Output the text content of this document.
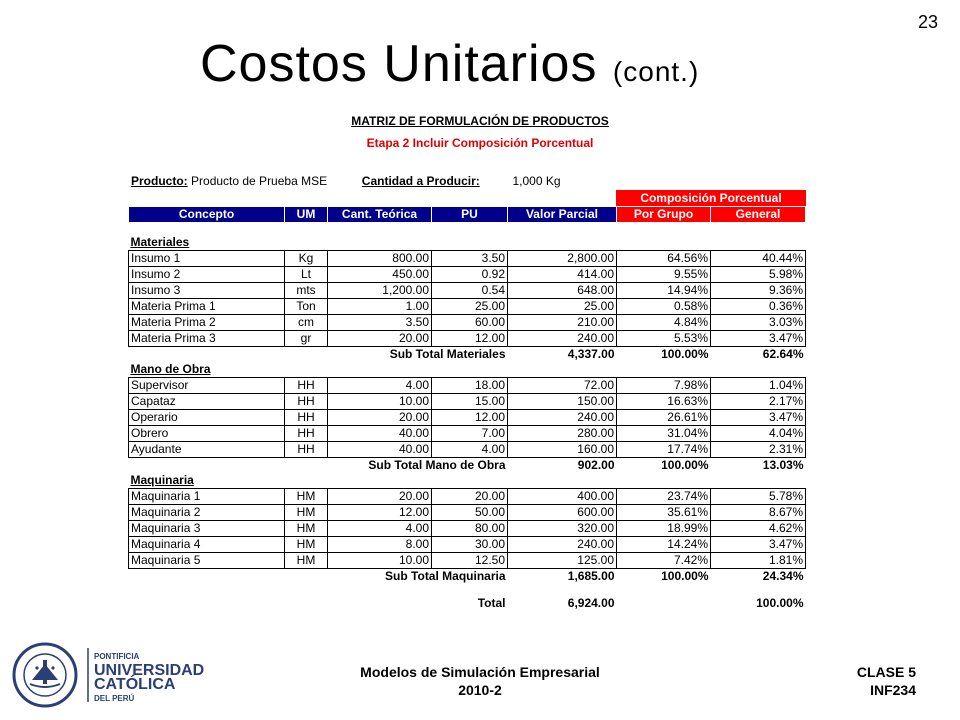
23
Costos Unitarios (cont.)
MATRIZ DE FORMULACIÓN DE PRODUCTOS
Etapa 2 Incluir Composición Porcentual
Producto: Producto de Prueba MSE	Cantidad a Producir:	1,000 Kg
Composición Porcentual
Concepto	UM	Cant. Teórica	PU	Valor Parcial	Por Grupo	General

Materiales						
Insumo 1	Kg	800.00	3.50	2,800.00	64.56%	40.44%
Insumo 2	Lt	450.00	0.92	414.00	9.55%	5.98%
Insumo 3	mts	1,200.00	0.54	648.00	14.94%	9.36%
Materia Prima 1	Ton	1.00	25.00	25.00	0.58%	0.36%
Materia Prima 2	cm	3.50	60.00	210.00	4.84%	3.03%
Materia Prima 3	gr	20.00	12.00	240.00	5.53%	3.47%
	Sub Total Materiales			4,337.00	100.00%	62.64%
Mano de Obra						
Supervisor	HH	4.00	18.00	72.00	7.98%	1.04%
Capataz	HH	10.00	15.00	150.00	16.63%	2.17%
Operario	HH	20.00	12.00	240.00	26.61%	3.47%
Obrero	HH	40.00	7.00	280.00	31.04%	4.04%
Ayudante	HH	40.00	4.00	160.00	17.74%	2.31%
	Sub Total Mano de Obra			902.00	100.00%	13.03%
Maquinaria						
Maquinaria 1	HM	20.00	20.00	400.00	23.74%	5.78%
Maquinaria 2	HM	12.00	50.00	600.00	35.61%	8.67%
Maquinaria 3	HM	4.00	80.00	320.00	18.99%	4.62%
Maquinaria 4	HM	8.00	30.00	240.00	14.24%	3.47%
Maquinaria 5	HM	10.00	12.50	125.00	7.42%	1.81%
	Sub Total Maquinaria			1,685.00	100.00%	24.34%

	Total			6,924.00		100.00%
PONTIFICIA
UNIVERSIDAD
CATÓLICA
DEL PERÚ
Modelos de Simulación Empresarial
2010-2
CLASE 5
INF234
